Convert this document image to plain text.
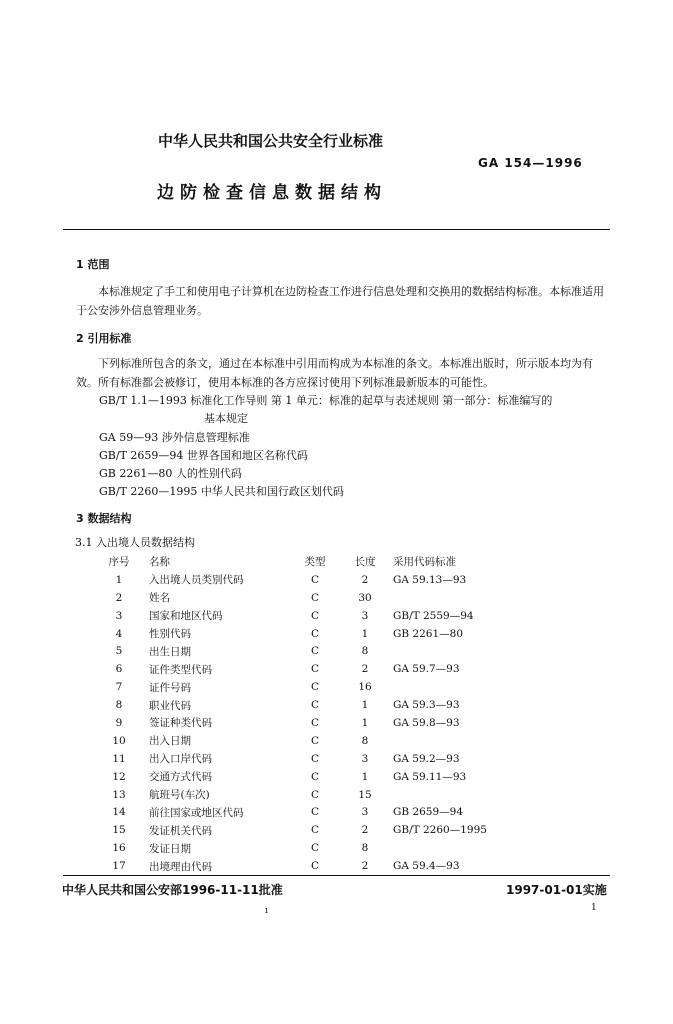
中华人民共和国公共安全行业标准
GA 154—1996
边防检查信息数据结构
1 范围
本标准规定了手工和使用电子计算机在边防检查工作进行信息处理和交换用的数据结构标准。本标准适用于公安涉外信息管理业务。
2 引用标准
下列标准所包含的条文，通过在本标准中引用而构成为本标准的条文。本标准出版时，所示版本均为有效。所有标准都会被修订，使用本标准的各方应探讨使用下列标准最新版本的可能性。
GB/T 1.1—1993 标准化工作导则 第 1 单元：标准的起草与表述规则 第一部分：标准编写的
基本规定
GA 59—93 涉外信息管理标准
GB/T 2659—94 世界各国和地区名称代码
GB 2261—80 人的性别代码
GB/T 2260—1995 中华人民共和国行政区划代码
3 数据结构
3.1 入出境人员数据结构
序号	名称	类型	长度	采用代码标准
1	入出境人员类别代码	C	2	GA 59.13—93
2	姓名	C	30	
3	国家和地区代码	C	3	GB/T 2559—94
4	性别代码	C	1	GB 2261—80
5	出生日期	C	8	
6	证件类型代码	C	2	GA 59.7—93
7	证件号码	C	16	
8	职业代码	C	1	GA 59.3—93
9	签证种类代码	C	1	GA 59.8—93
10	出入日期	C	8	
11	出入口岸代码	C	3	GA 59.2—93
12	交通方式代码	C	1	GA 59.11—93
13	航班号(车次)	C	15	
14	前往国家或地区代码	C	3	GB 2659—94
15	发证机关代码	C	2	GB/T 2260—1995
16	发证日期	C	8	
17	出境理由代码	C	2	GA 59.4—93
中华人民共和国公安部1996-11-11批准	1997-01-01实施
ı	1
